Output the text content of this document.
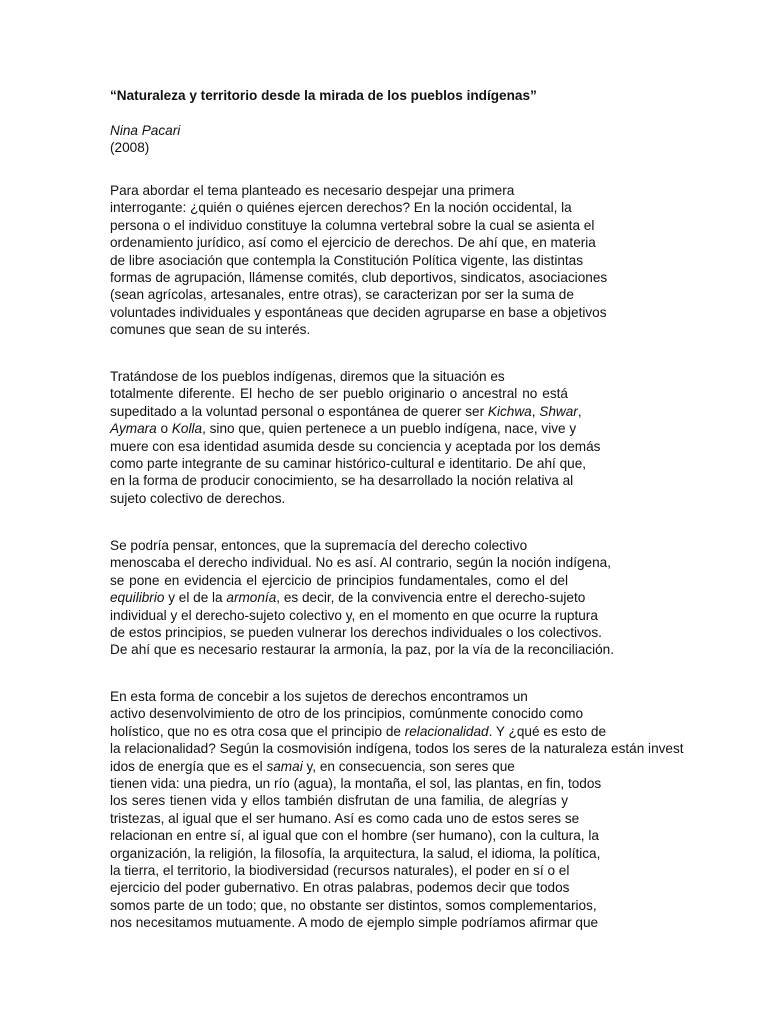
“Naturaleza y territorio desde la mirada de los pueblos indígenas”
Nina Pacari
(2008)
Para abordar el tema planteado es necesario despejar una primera
interrogante: ¿quién o quiénes ejercen derechos? En la noción occidental, la
persona o el individuo constituye la columna vertebral sobre la cual se asienta el
ordenamiento jurídico, así como el ejercicio de derechos. De ahí que, en materia
de libre asociación que contempla la Constitución Política vigente, las distintas
formas de agrupación, llámense comités, club deportivos, sindicatos, asociaciones
(sean agrícolas, artesanales, entre otras), se caracterizan por ser la suma de
voluntades individuales y espontáneas que deciden agruparse en base a objetivos
comunes que sean de su interés.
Tratándose de los pueblos indígenas, diremos que la situación es
totalmente diferente. El hecho de ser pueblo originario o ancestral no está
supeditado a la voluntad personal o espontánea de querer ser Kichwa, Shwar,
Aymara o Kolla, sino que, quien pertenece a un pueblo indígena, nace, vive y
muere con esa identidad asumida desde su conciencia y aceptada por los demás
como parte integrante de su caminar histórico-cultural e identitario. De ahí que,
en la forma de producir conocimiento, se ha desarrollado la noción relativa al
sujeto colectivo de derechos.
Se podría pensar, entonces, que la supremacía del derecho colectivo
menoscaba el derecho individual. No es así. Al contrario, según la noción indígena,
se pone en evidencia el ejercicio de principios fundamentales, como el del
equilibrio y el de la armonía, es decir, de la convivencia entre el derecho-sujeto
individual y el derecho-sujeto colectivo y, en el momento en que ocurre la ruptura
de estos principios, se pueden vulnerar los derechos individuales o los colectivos.
De ahí que es necesario restaurar la armonía, la paz, por la vía de la reconciliación.
En esta forma de concebir a los sujetos de derechos encontramos un
activo desenvolvimiento de otro de los principios, comúnmente conocido como
holístico, que no es otra cosa que el principio de relacionalidad. Y ¿qué es esto de
la relacionalidad? Según la cosmovisión indígena, todos los seres de la naturaleza están invest
idos de energía que es el samai y, en consecuencia, son seres que
tienen vida: una piedra, un río (agua), la montaña, el sol, las plantas, en fin, todos
los seres tienen vida y ellos también disfrutan de una familia, de alegrías y
tristezas, al igual que el ser humano. Así es como cada uno de estos seres se
relacionan en entre sí, al igual que con el hombre (ser humano), con la cultura, la
organización, la religión, la filosofía, la arquitectura, la salud, el idioma, la política,
la tierra, el territorio, la biodiversidad (recursos naturales), el poder en sí o el
ejercicio del poder gubernativo. En otras palabras, podemos decir que todos
somos parte de un todo; que, no obstante ser distintos, somos complementarios,
nos necesitamos mutuamente. A modo de ejemplo simple podríamos afirmar que
